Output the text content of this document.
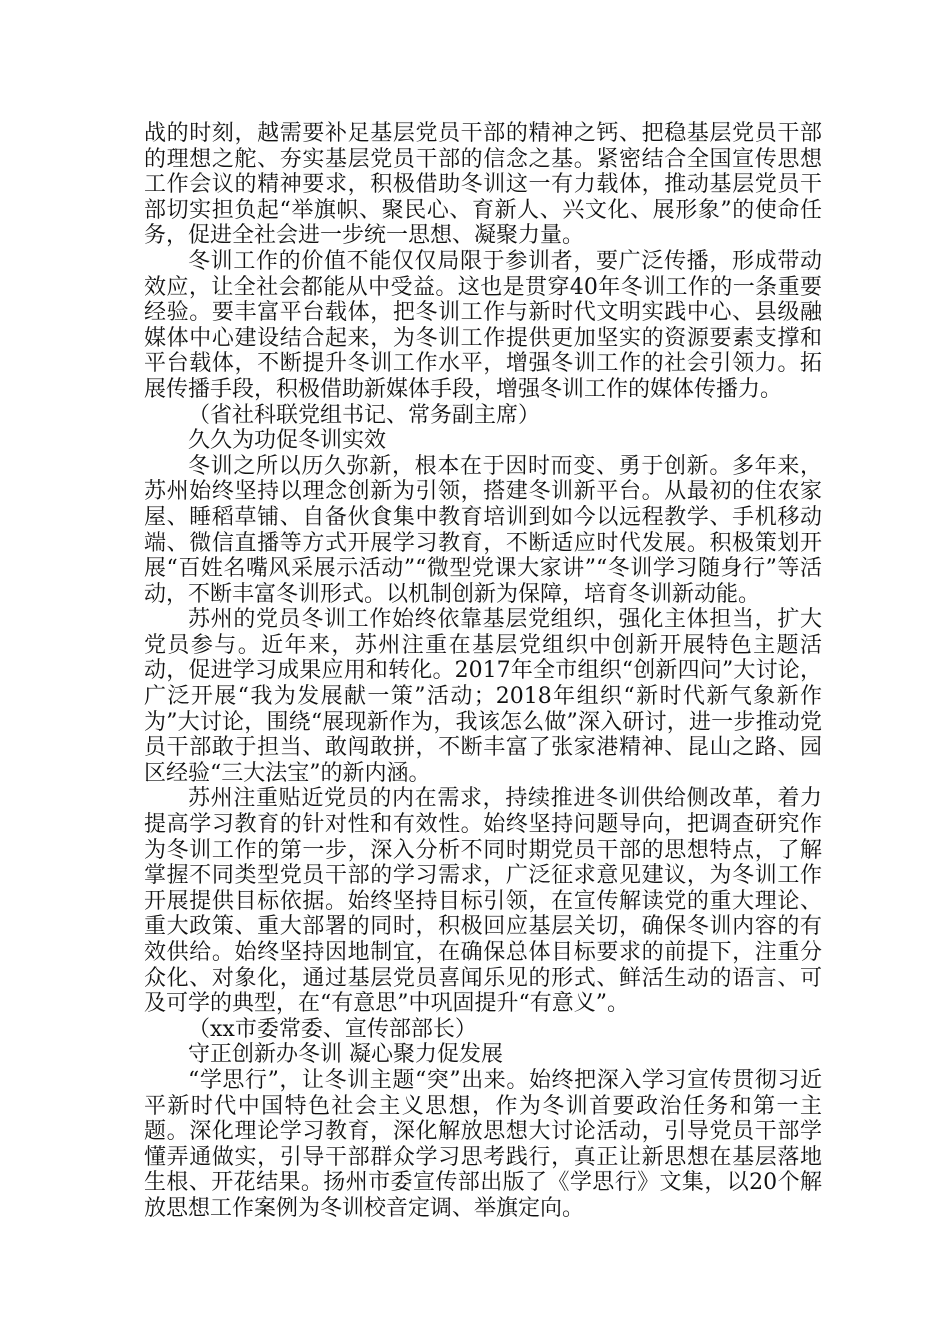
战的时刻，越需要补足基层党员干部的精神之钙、把稳基层党员干部的理想之舵、夯实基层党员干部的信念之基。紧密结合全国宣传思想工作会议的精神要求，积极借助冬训这一有力载体，推动基层党员干部切实担负起“举旗帜、聚民心、育新人、兴文化、展形象”的使命任务，促进全社会进一步统一思想、凝聚力量。

冬训工作的价值不能仅仅局限于参训者，要广泛传播，形成带动效应，让全社会都能从中受益。这也是贯穿40年冬训工作的一条重要经验。要丰富平台载体，把冬训工作与新时代文明实践中心、县级融媒体中心建设结合起来，为冬训工作提供更加坚实的资源要素支撑和平台载体，不断提升冬训工作水平，增强冬训工作的社会引领力。拓展传播手段，积极借助新媒体手段，增强冬训工作的媒体传播力。

（省社科联党组书记、常务副主席）

久久为功促冬训实效

冬训之所以历久弥新，根本在于因时而变、勇于创新。多年来，苏州始终坚持以理念创新为引领，搭建冬训新平台。从最初的住农家屋、睡稻草铺、自备伙食集中教育培训到如今以远程教学、手机移动端、微信直播等方式开展学习教育，不断适应时代发展。积极策划开展“百姓名嘴风采展示活动”“微型党课大家讲”“冬训学习随身行”等活动，不断丰富冬训形式。以机制创新为保障，培育冬训新动能。

苏州的党员冬训工作始终依靠基层党组织，强化主体担当，扩大党员参与。近年来，苏州注重在基层党组织中创新开展特色主题活动，促进学习成果应用和转化。2017年全市组织“创新四问”大讨论，广泛开展“我为发展献一策”活动；2018年组织“新时代新气象新作为”大讨论，围绕“展现新作为，我该怎么做”深入研讨，进一步推动党员干部敢于担当、敢闯敢拼，不断丰富了张家港精神、昆山之路、园区经验“三大法宝”的新内涵。

苏州注重贴近党员的内在需求，持续推进冬训供给侧改革，着力提高学习教育的针对性和有效性。始终坚持问题导向，把调查研究作为冬训工作的第一步，深入分析不同时期党员干部的思想特点，了解掌握不同类型党员干部的学习需求，广泛征求意见建议，为冬训工作开展提供目标依据。始终坚持目标引领，在宣传解读党的重大理论、重大政策、重大部署的同时，积极回应基层关切，确保冬训内容的有效供给。始终坚持因地制宜，在确保总体目标要求的前提下，注重分众化、对象化，通过基层党员喜闻乐见的形式、鲜活生动的语言、可及可学的典型，在“有意思”中巩固提升“有意义”。

（xx市委常委、宣传部部长）

守正创新办冬训 凝心聚力促发展

“学思行”，让冬训主题“突”出来。始终把深入学习宣传贯彻习近平新时代中国特色社会主义思想，作为冬训首要政治任务和第一主题。深化理论学习教育，深化解放思想大讨论活动，引导党员干部学懂弄通做实，引导干部群众学习思考践行，真正让新思想在基层落地生根、开花结果。扬州市委宣传部出版了《学思行》文集，以20个解放思想工作案例为冬训校音定调、举旗定向。
